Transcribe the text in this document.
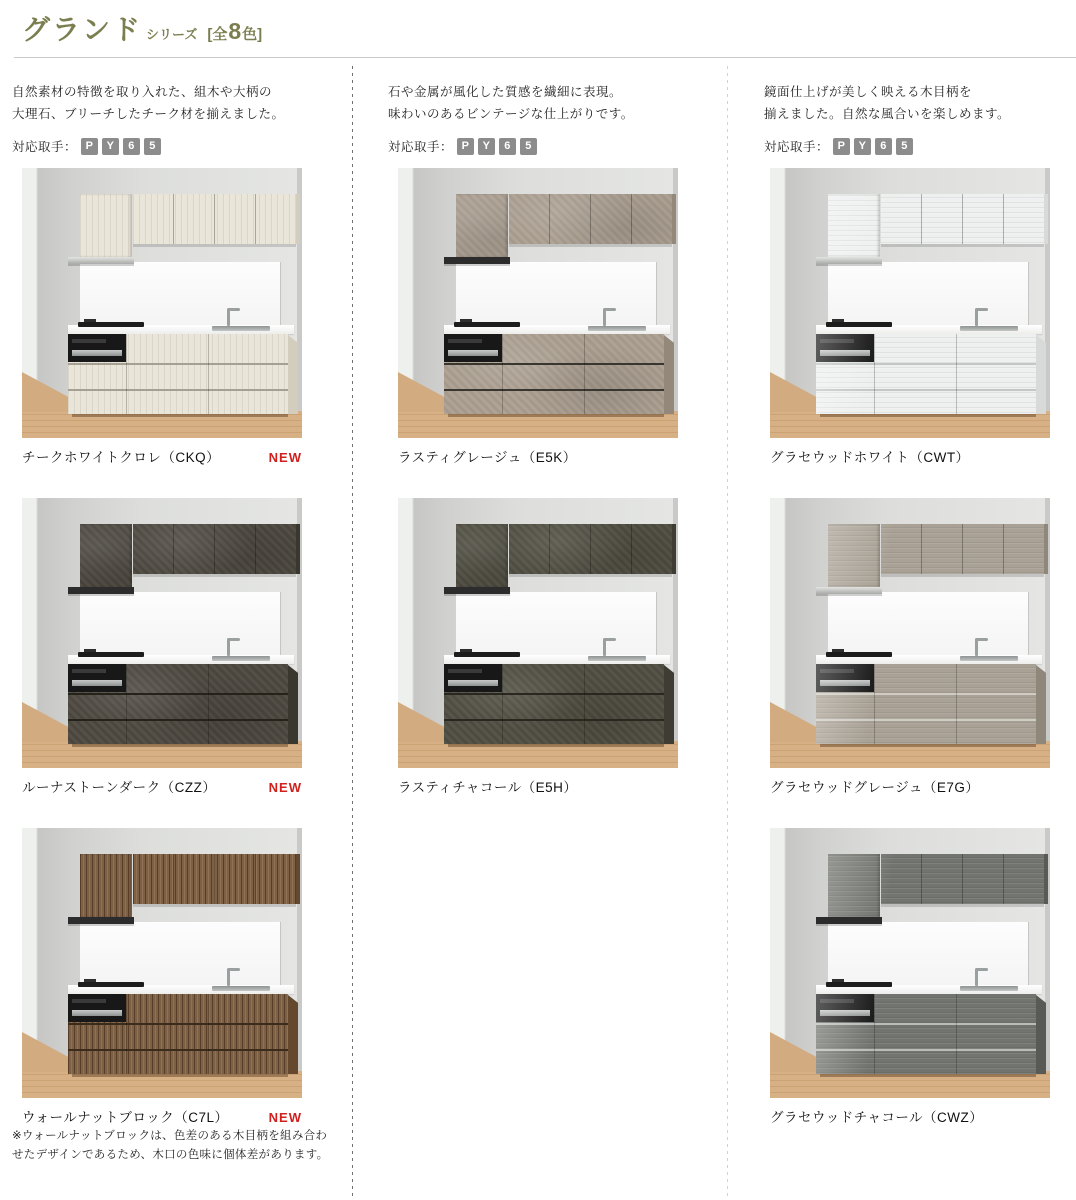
グランド シリーズ [全8色]
自然素材の特徴を取り入れた、組木や大柄の
大理石、ブリーチしたチーク材を揃えました。
対応取手： P	Y	6	5
チークホワイトクロレ（CKQ）	NEW
ルーナストーンダーク（CZZ）	NEW
ウォールナットブロック（C7L）	NEW
※ウォールナットブロックは、色差のある木目柄を組み合わせたデザインであるため、木口の色味に個体差があります。
石や金属が風化した質感を繊細に表現。
味わいのあるビンテージな仕上がりです。
対応取手： P	Y	6	5
ラスティグレージュ（E5K）
ラスティチャコール（E5H）
鏡面仕上げが美しく映える木目柄を
揃えました。自然な風合いを楽しめます。
対応取手： P	Y	6	5
グラセウッドホワイト（CWT）
グラセウッドグレージュ（E7G）
グラセウッドチャコール（CWZ）
